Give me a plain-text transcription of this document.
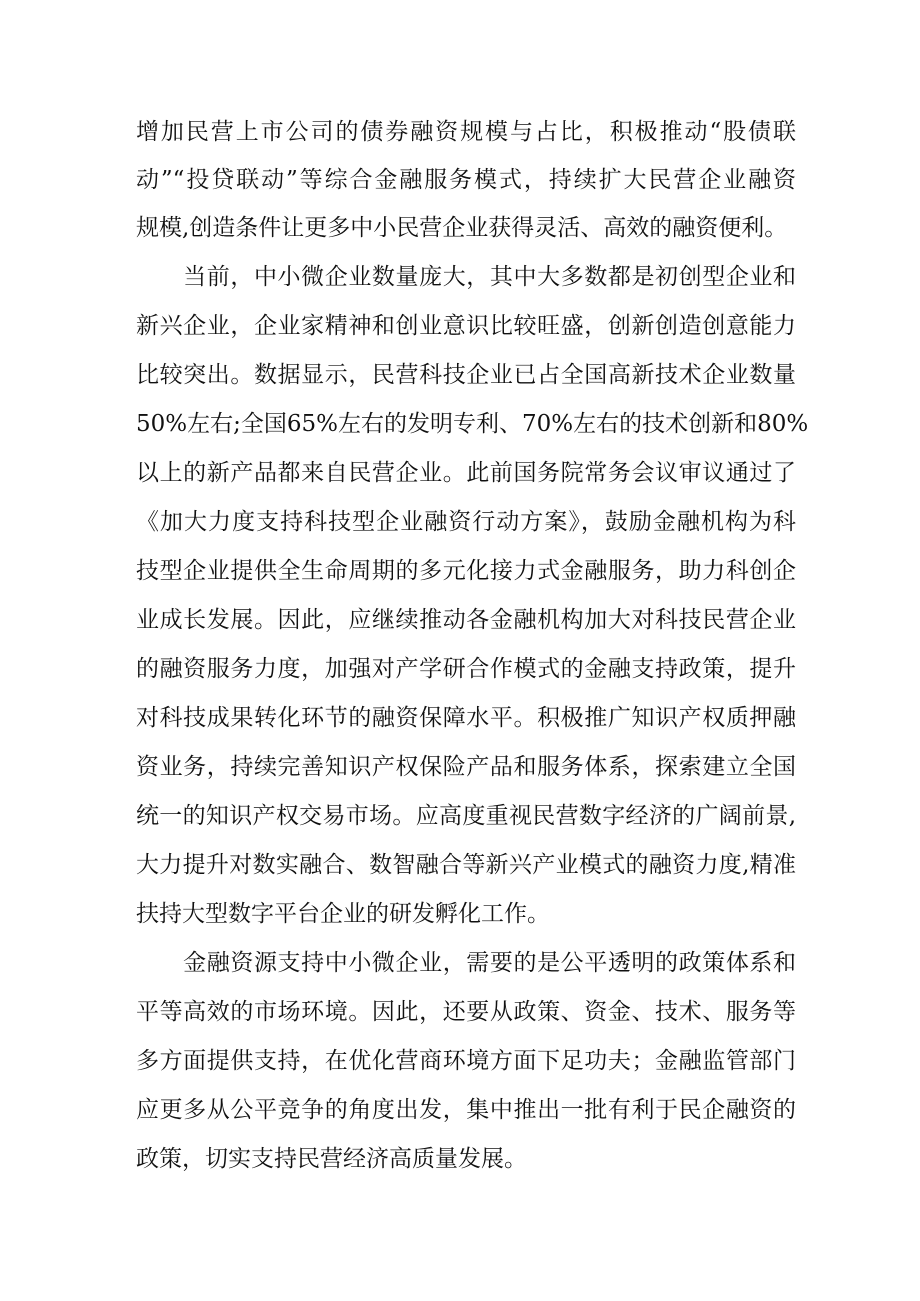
增加民营上市公司的债券融资规模与占比，积极推动“股债联
动”“投贷联动”等综合金融服务模式，持续扩大民营企业融资
规模,创造条件让更多中小民营企业获得灵活、高效的融资便利。
　　当前，中小微企业数量庞大，其中大多数都是初创型企业和
新兴企业，企业家精神和创业意识比较旺盛，创新创造创意能力
比较突出。数据显示，民营科技企业已占全国高新技术企业数量
50%左右;全国65%左右的发明专利、70%左右的技术创新和80%
以上的新产品都来自民营企业。此前国务院常务会议审议通过了
《加大力度支持科技型企业融资行动方案》，鼓励金融机构为科
技型企业提供全生命周期的多元化接力式金融服务，助力科创企
业成长发展。因此，应继续推动各金融机构加大对科技民营企业
的融资服务力度，加强对产学研合作模式的金融支持政策，提升
对科技成果转化环节的融资保障水平。积极推广知识产权质押融
资业务，持续完善知识产权保险产品和服务体系，探索建立全国
统一的知识产权交易市场。应高度重视民营数字经济的广阔前景,
大力提升对数实融合、数智融合等新兴产业模式的融资力度,精准
扶持大型数字平台企业的研发孵化工作。
　　金融资源支持中小微企业，需要的是公平透明的政策体系和
平等高效的市场环境。因此，还要从政策、资金、技术、服务等
多方面提供支持，在优化营商环境方面下足功夫；金融监管部门
应更多从公平竞争的角度出发，集中推出一批有利于民企融资的
政策，切实支持民营经济高质量发展。
